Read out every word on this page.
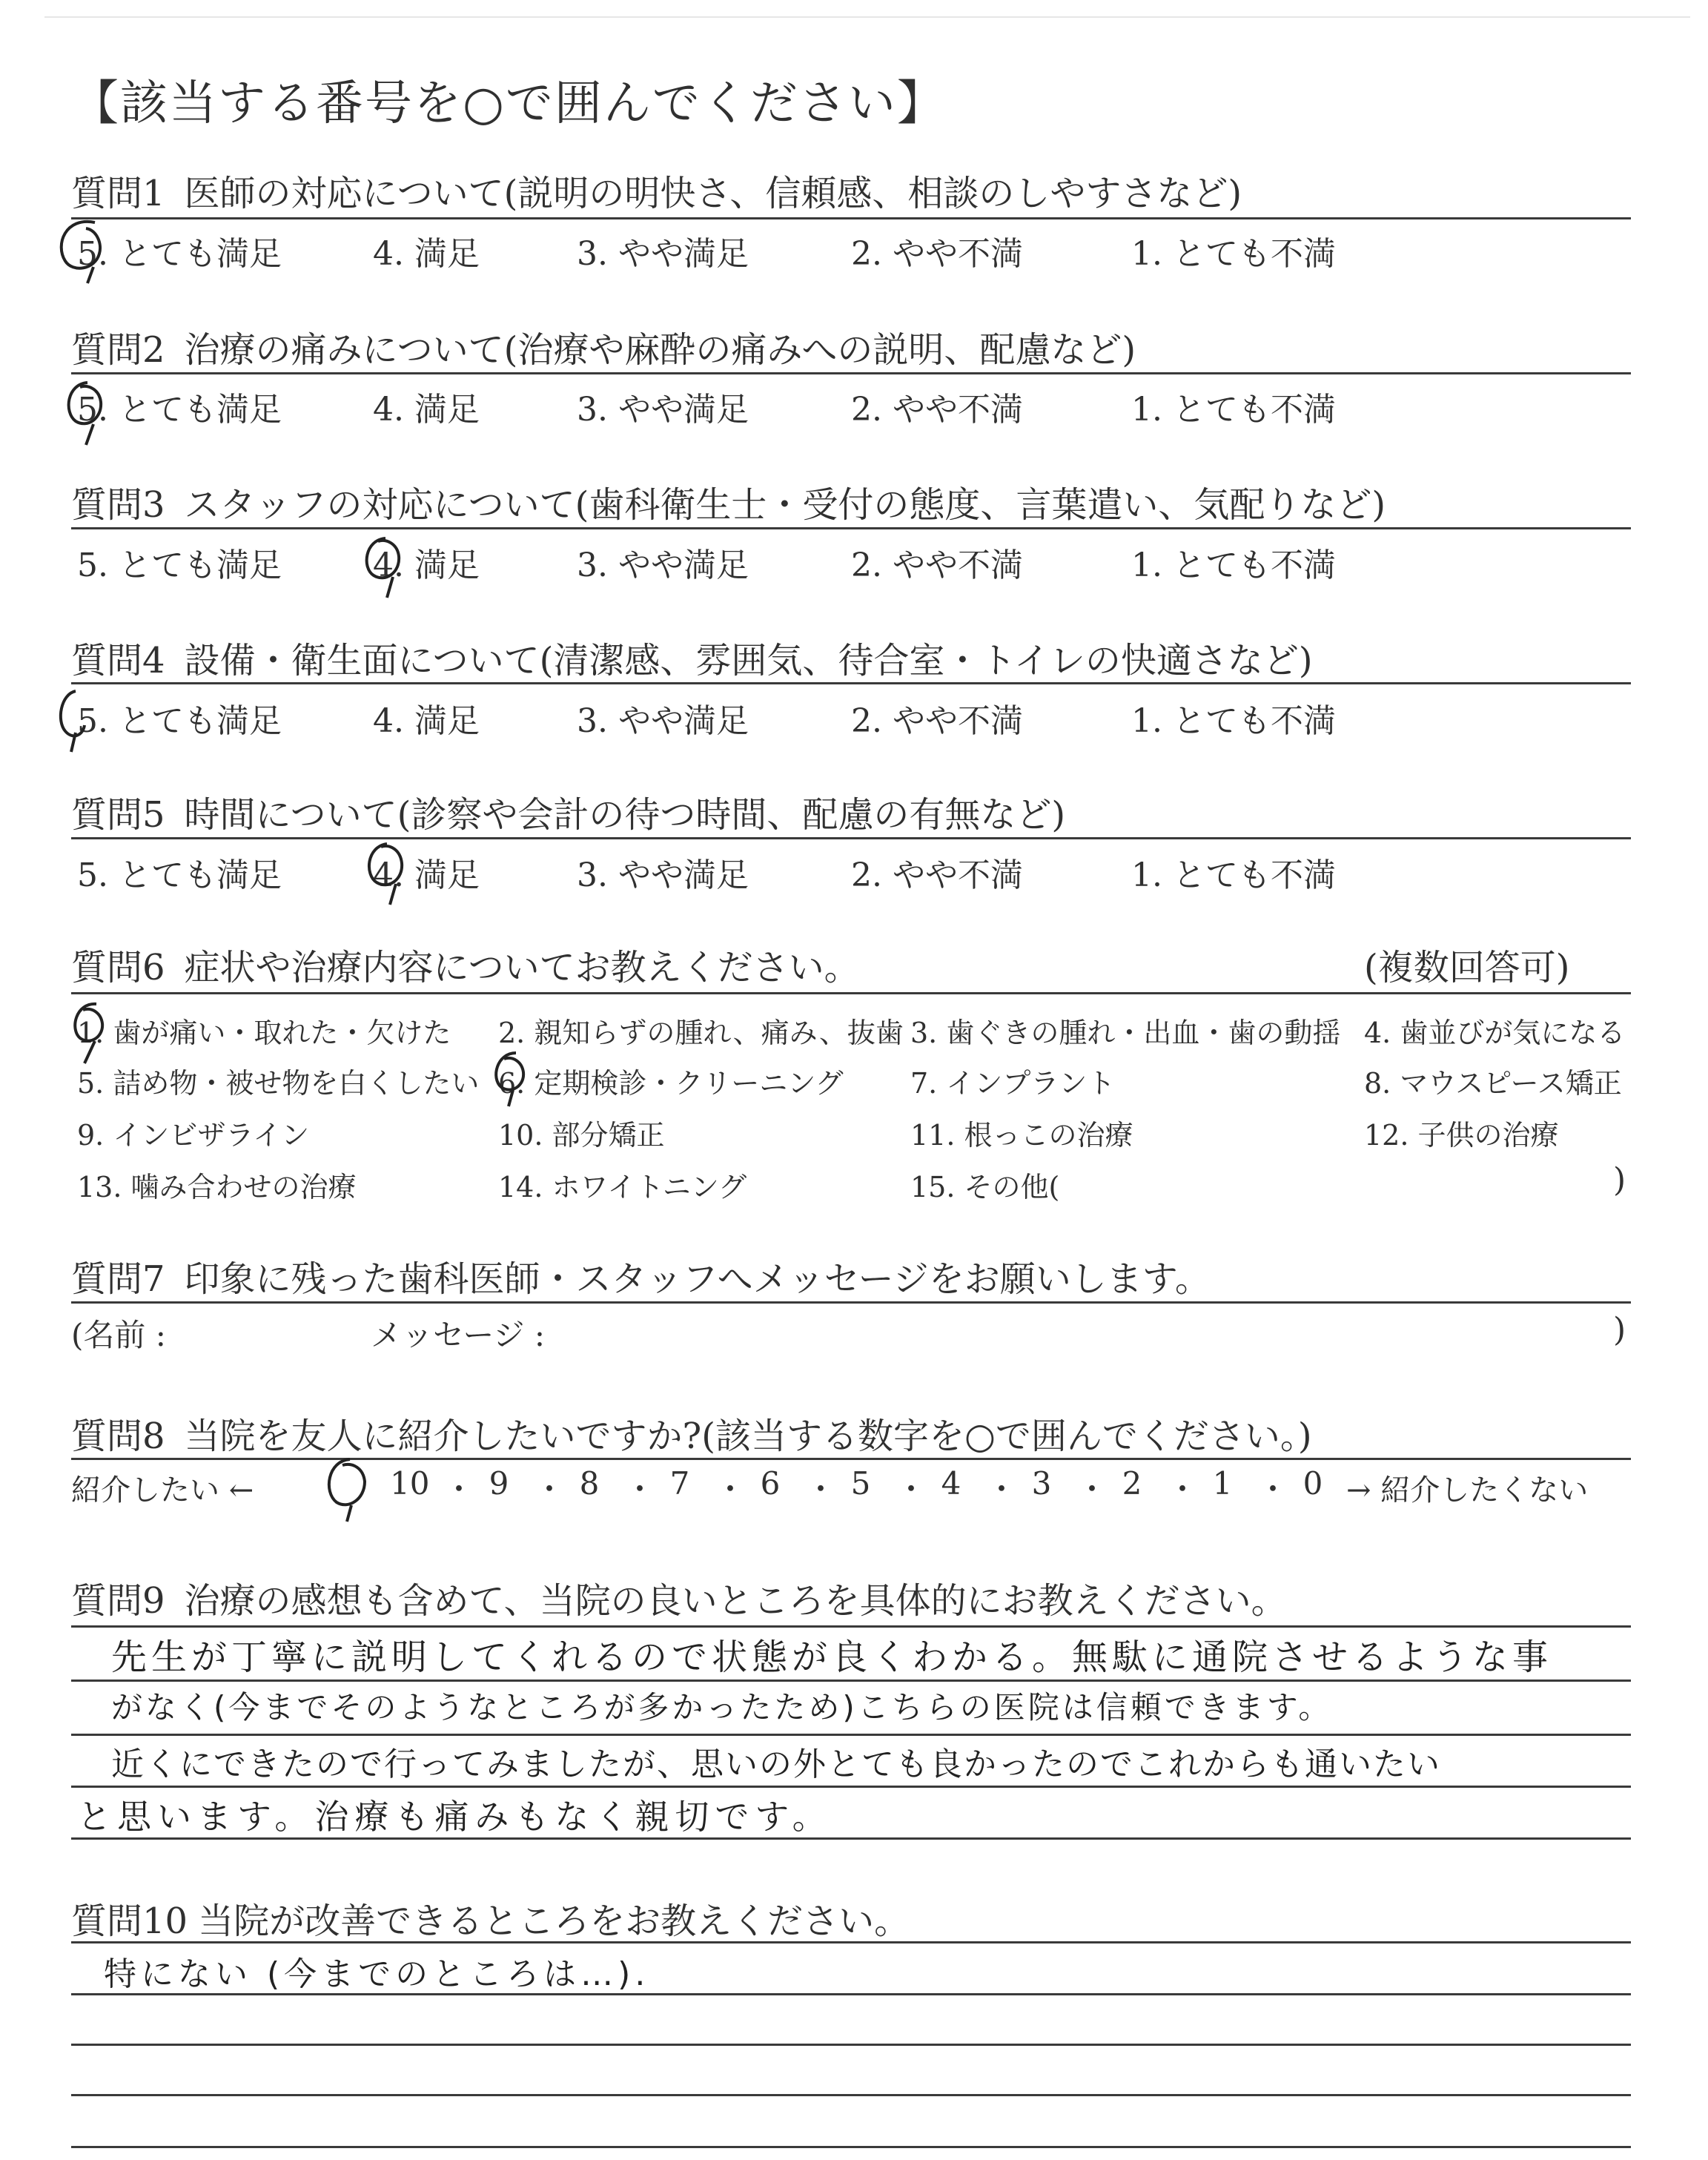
【該当する番号を○で囲んでください】
質問1 医師の対応について(説明の明快さ、信頼感、相談のしやすさなど)
5. とても満足	4. 満足	3. やや満足	2. やや不満	1. とても不満
質問2 治療の痛みについて(治療や麻酔の痛みへの説明、配慮など)
5. とても満足	4. 満足	3. やや満足	2. やや不満	1. とても不満
質問3 スタッフの対応について(歯科衛生士・受付の態度、言葉遣い、気配りなど)
5. とても満足	4. 満足	3. やや満足	2. やや不満	1. とても不満
質問4 設備・衛生面について(清潔感、雰囲気、待合室・トイレの快適さなど)
5. とても満足	4. 満足	3. やや満足	2. やや不満	1. とても不満
質問5 時間について(診察や会計の待つ時間、配慮の有無など)
5. とても満足	4. 満足	3. やや満足	2. やや不満	1. とても不満
質問6 症状や治療内容についてお教えください。	(複数回答可)
1. 歯が痛い・取れた・欠けた 2. 親知らずの腫れ、痛み、抜歯 3. 歯ぐきの腫れ・出血・歯の動揺 4. 歯並びが気になる
5. 詰め物・被せ物を白くしたい 6. 定期検診・クリーニング 7. インプラント	8. マウスピース矯正
9. インビザライン	10. 部分矯正	11. 根っこの治療	12. 子供の治療
13. 噛み合わせの治療	14. ホワイトニング	15. その他(	)
質問7 印象に残った歯科医師・スタッフへメッセージをお願いします。
(名前 :	メッセージ :	)
質問8 当院を友人に紹介したいですか?(該当する数字を○で囲んでください。)
紹介したい ←	10 ・ 9 ・ 8 ・ 7 ・ 6 ・ 5 ・ 4 ・ 3 ・ 2 ・ 1 ・ 0 → 紹介したくない
質問9 治療の感想も含めて、当院の良いところを具体的にお教えください。
先生が丁寧に説明してくれるので状態が良くわかる。無駄に通院させるような事
がなく(今までそのようなところが多かったため)こちらの医院は信頼できます。
近くにできたので行ってみましたが、思いの外とても良かったのでこれからも通いたい
と思います。治療も痛みもなく親切です。
質問10 当院が改善できるところをお教えください。
特にない (今までのところは…).
